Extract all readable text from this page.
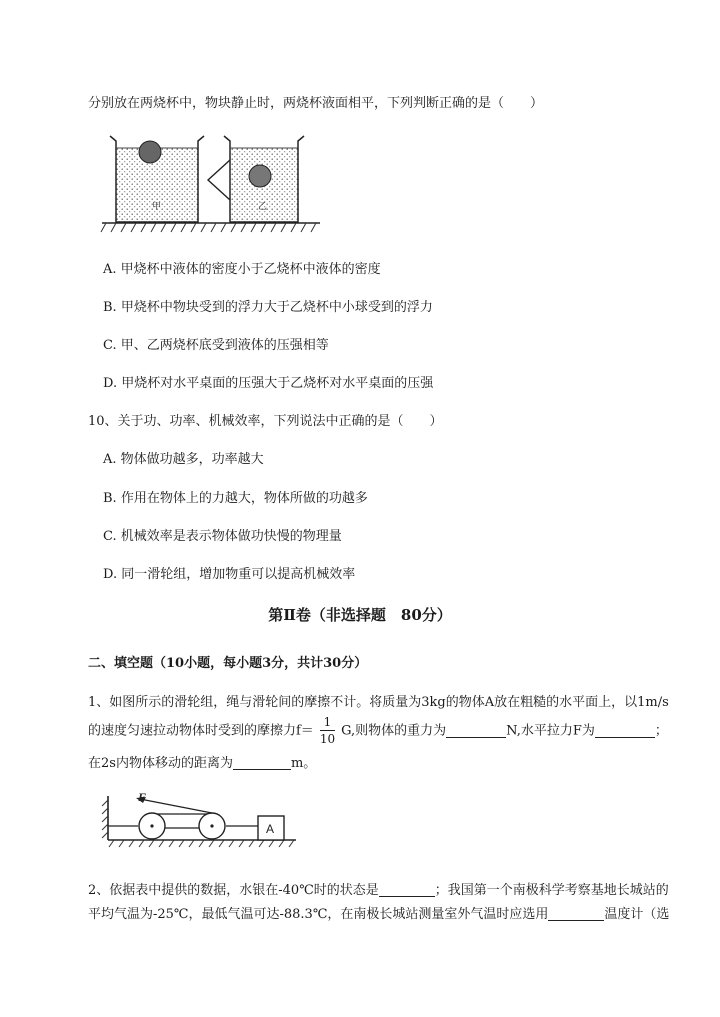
分别放在两烧杯中，物块静止时，两烧杯液面相平，下列判断正确的是（　　）
甲	乙
A. 甲烧杯中液体的密度小于乙烧杯中液体的密度
B. 甲烧杯中物块受到的浮力大于乙烧杯中小球受到的浮力
C. 甲、乙两烧杯底受到液体的压强相等
D. 甲烧杯对水平桌面的压强大于乙烧杯对水平桌面的压强
10、关于功、功率、机械效率，下列说法中正确的是（　　）
A. 物体做功越多，功率越大
B. 作用在物体上的力越大，物体所做的功越多
C. 机械效率是表示物体做功快慢的物理量
D. 同一滑轮组，增加物重可以提高机械效率
第Ⅱ卷（非选择题　80分）
二、填空题（10小题，每小题3分，共计30分）
1、如图所示的滑轮组，绳与滑轮间的摩擦不计。将质量为3kg的物体A放在粗糙的水平面上，以1m/s
的速度匀速拉动物体时受到的摩擦力$f= \frac{1}{10} G$,则物体的重力为	N,水平拉力F为	；
在2s内物体移动的距离为	m。
F
A
2、依据表中提供的数据，水银在-40℃时的状态是	；我国第一个南极科学考察基地长城站的
平均气温为-25℃，最低气温可达-88.3℃，在南极长城站测量室外气温时应选用	温度计（选
